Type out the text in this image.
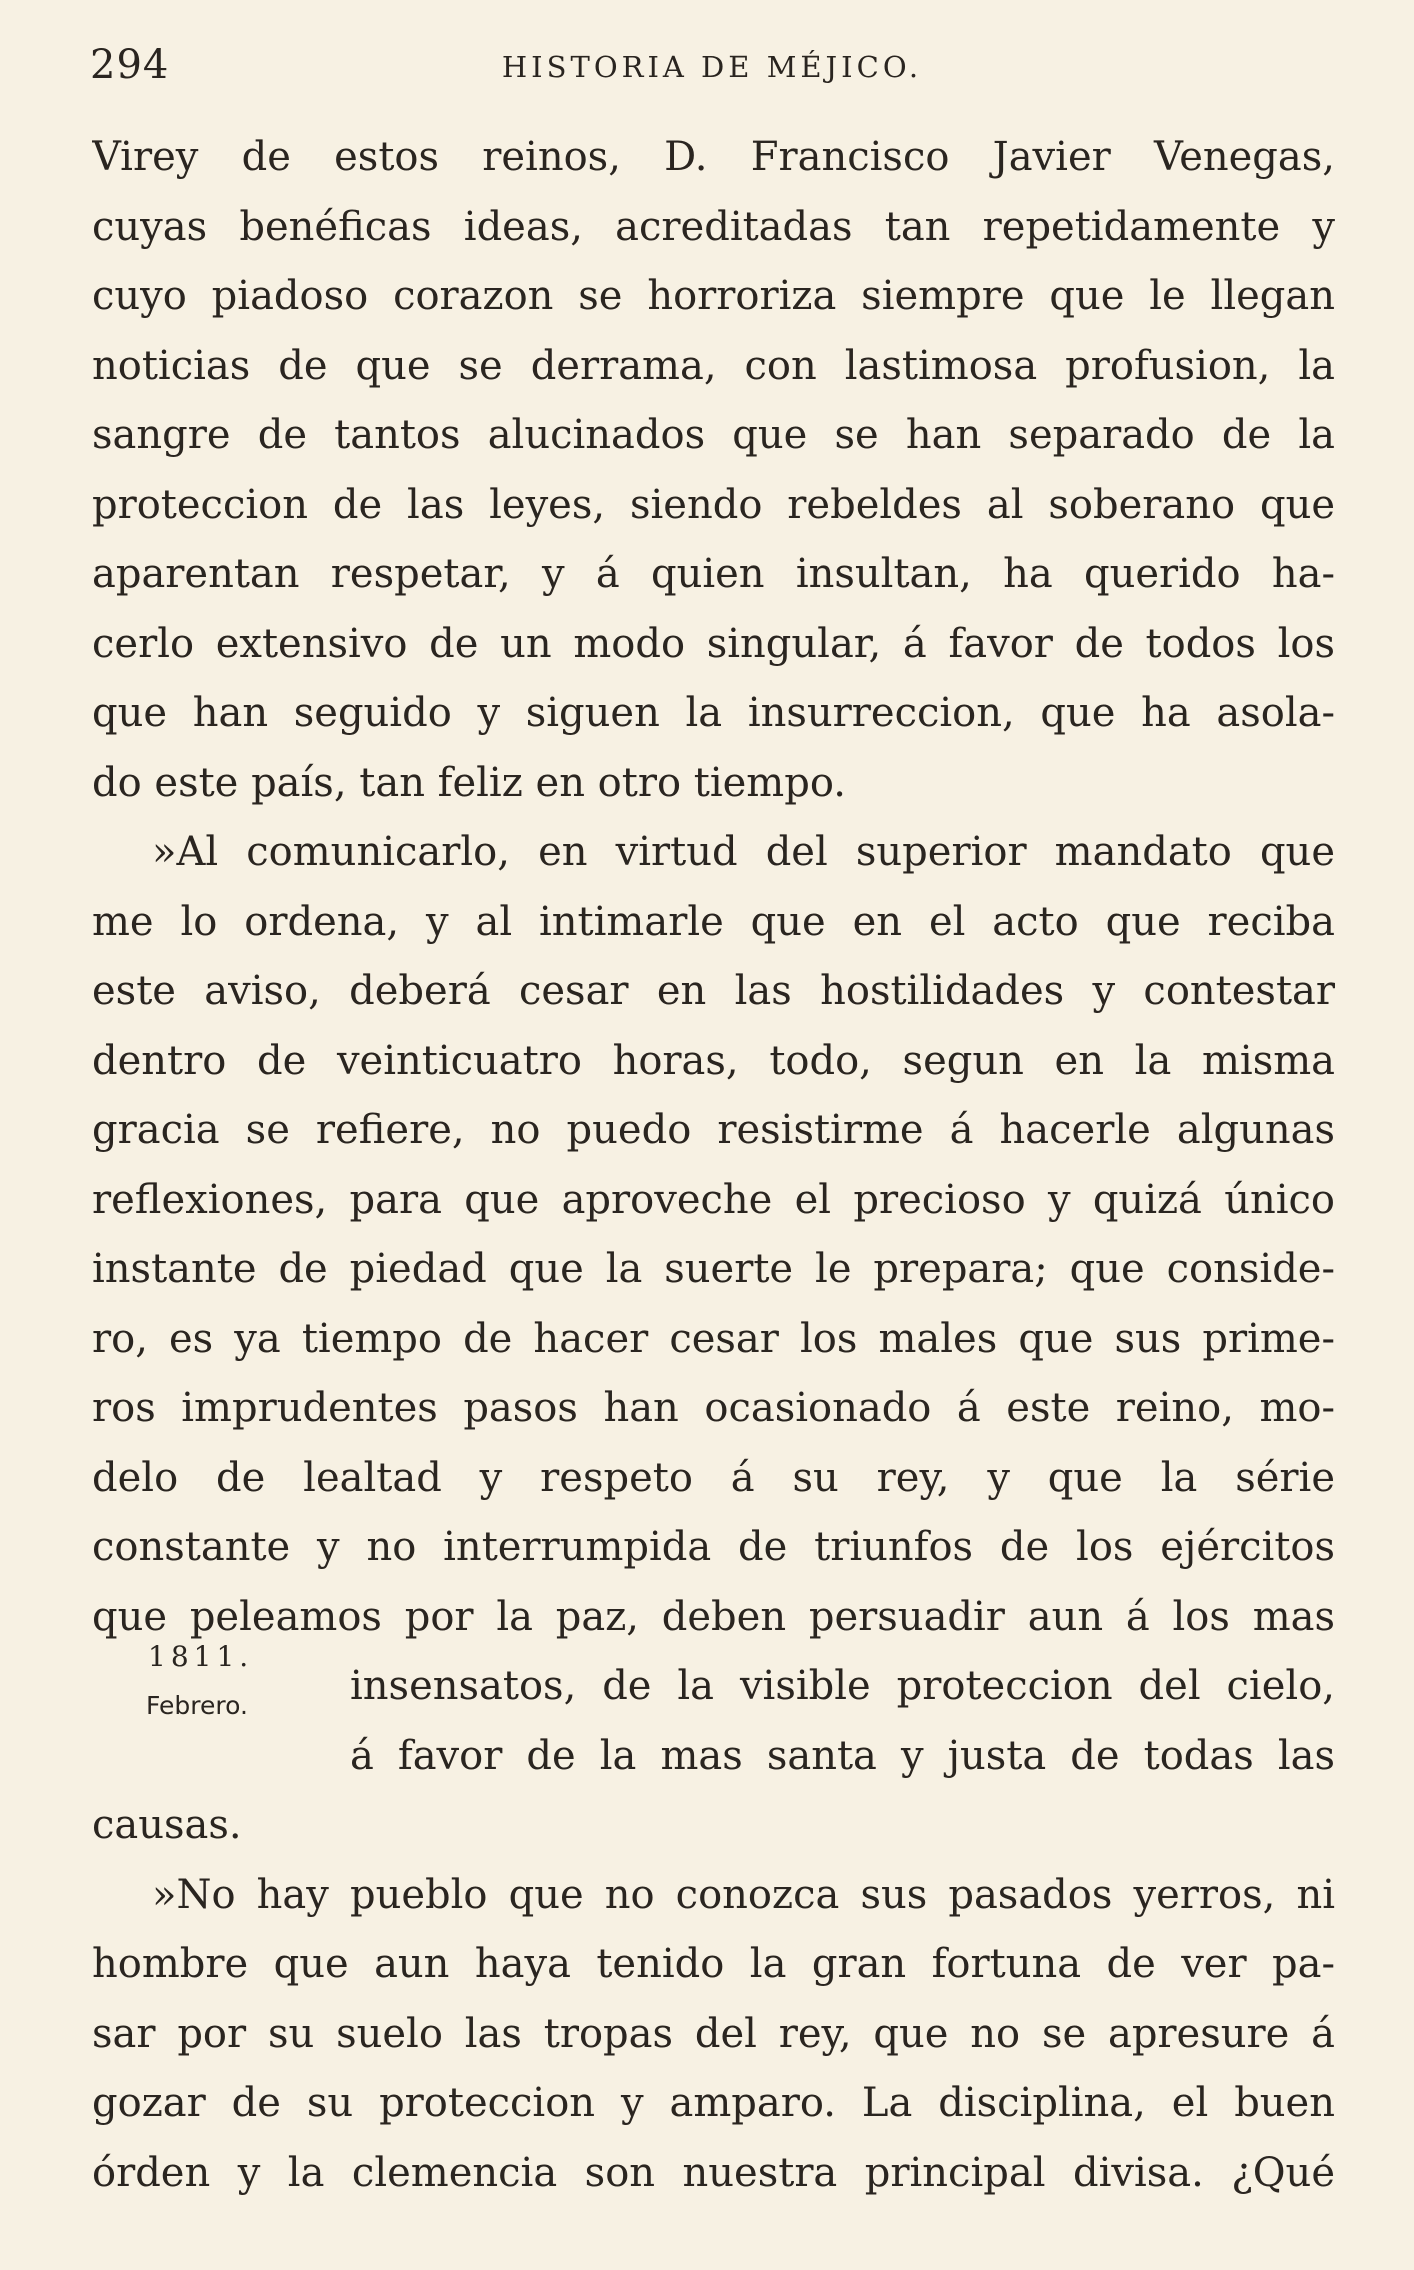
294	HISTORIA DE MÉJICO.
1811.
Febrero.
Virey de estos reinos, D. Francisco Javier Venegas,
cuyas benéficas ideas, acreditadas tan repetidamente y
cuyo piadoso corazon se horroriza siempre que le llegan
noticias de que se derrama, con lastimosa profusion, la
sangre de tantos alucinados que se han separado de la
proteccion de las leyes, siendo rebeldes al soberano que
aparentan respetar, y á quien insultan, ha querido ha-
cerlo extensivo de un modo singular, á favor de todos los
que han seguido y siguen la insurreccion, que ha asola-
do este país, tan feliz en otro tiempo.
»Al comunicarlo, en virtud del superior mandato que
me lo ordena, y al intimarle que en el acto que reciba
este aviso, deberá cesar en las hostilidades y contestar
dentro de veinticuatro horas, todo, segun en la misma
gracia se refiere, no puedo resistirme á hacerle algunas
reflexiones, para que aproveche el precioso y quizá único
instante de piedad que la suerte le prepara; que conside-
ro, es ya tiempo de hacer cesar los males que sus prime-
ros imprudentes pasos han ocasionado á este reino, mo-
delo de lealtad y respeto á su rey, y que la série
constante y no interrumpida de triunfos de los ejércitos
que peleamos por la paz, deben persuadir aun á los mas
insensatos, de la visible proteccion del cielo,
á favor de la mas santa y justa de todas las
causas.
»No hay pueblo que no conozca sus pasados yerros, ni
hombre que aun haya tenido la gran fortuna de ver pa-
sar por su suelo las tropas del rey, que no se apresure á
gozar de su proteccion y amparo. La disciplina, el buen
órden y la clemencia son nuestra principal divisa. ¿Qué
